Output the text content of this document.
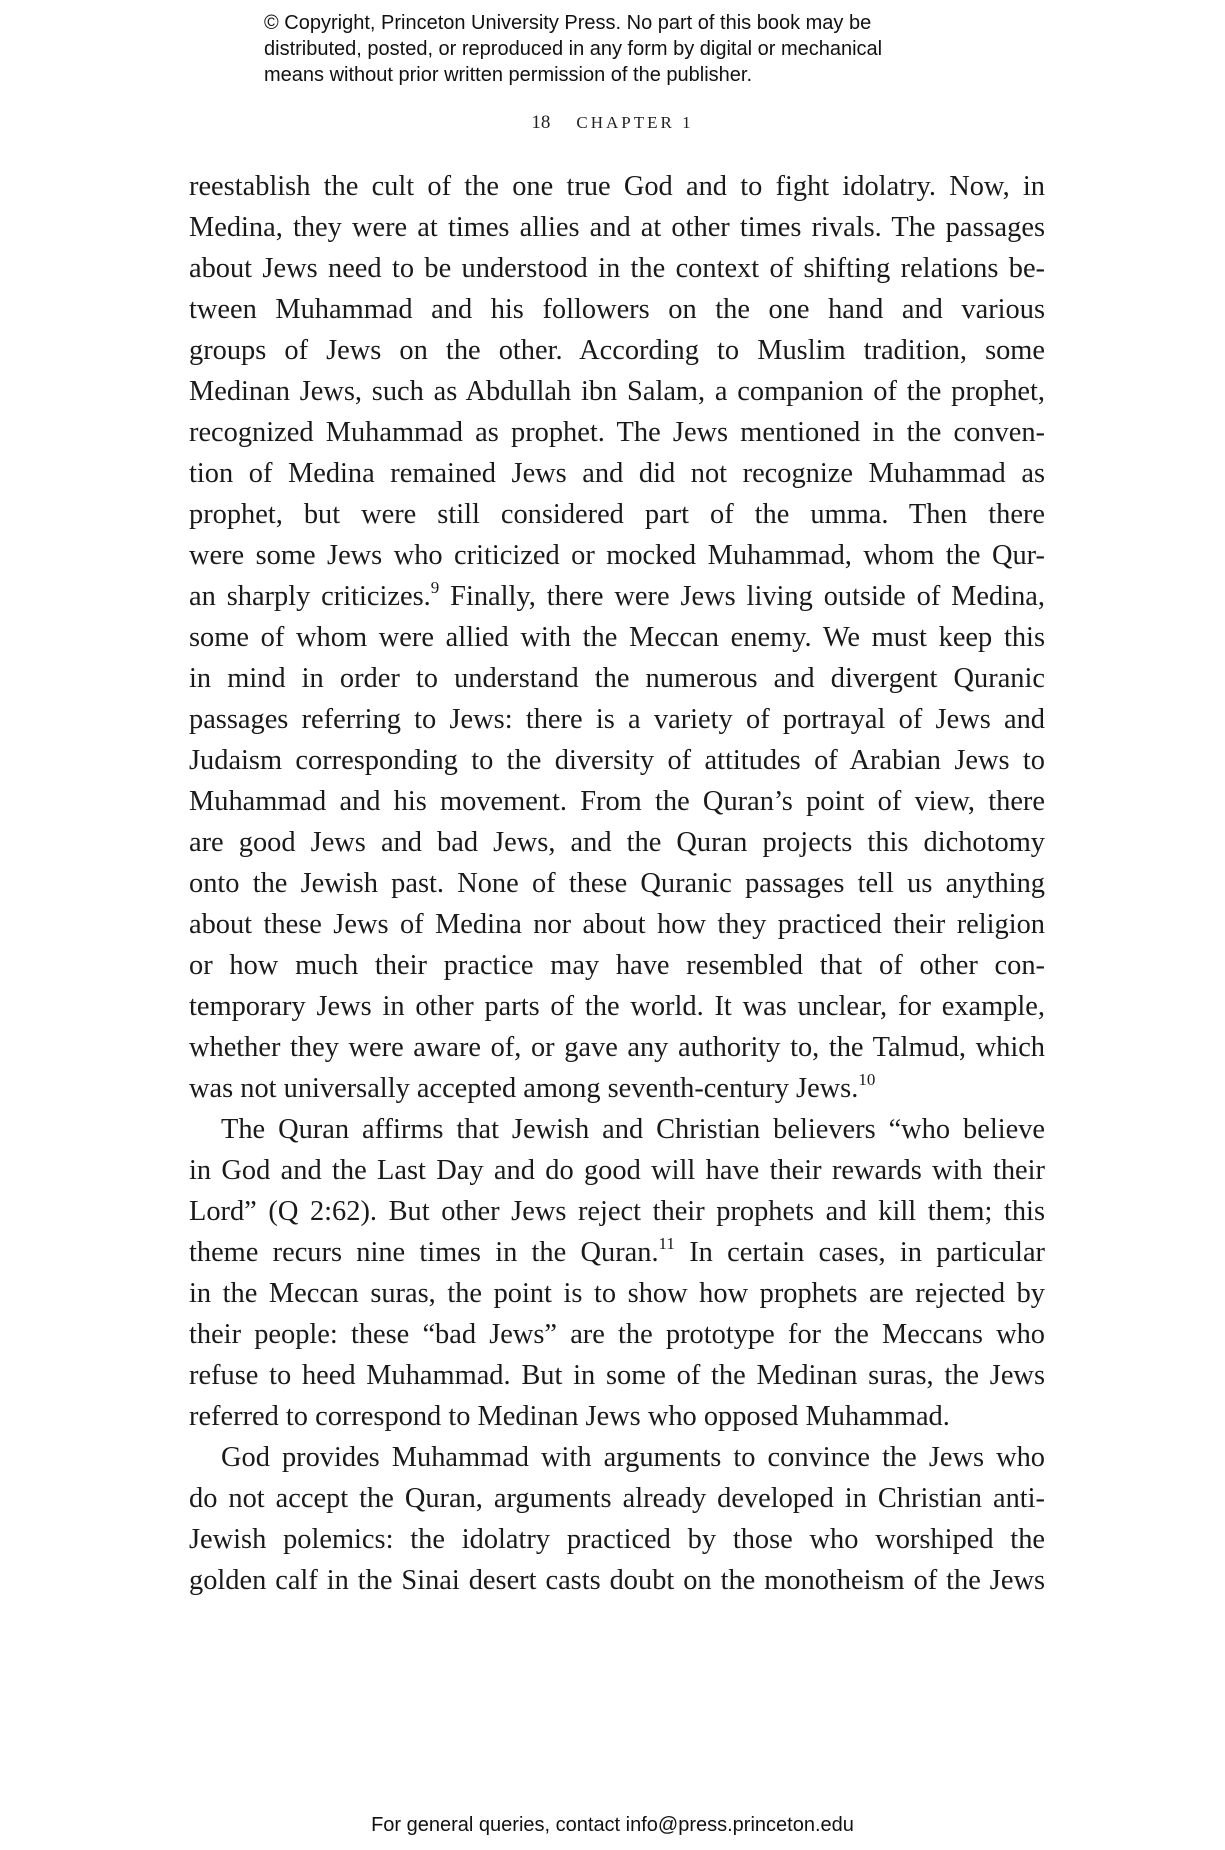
© Copyright, Princeton University Press. No part of this book may be
distributed, posted, or reproduced in any form by digital or mechanical
means without prior written permission of the publisher.
18 CHAPTER 1

reestablish the cult of the one true God and to fight idolatry. Now, in
Medina, they were at times allies and at other times rivals. The passages
about Jews need to be understood in the context of shifting relations be-
tween Muhammad and his followers on the one hand and various
groups of Jews on the other. According to Muslim tradition, some
Medinan Jews, such as Abdullah ibn Salam, a companion of the prophet,
recognized Muhammad as prophet. The Jews mentioned in the conven-
tion of Medina remained Jews and did not recognize Muhammad as
prophet, but were still considered part of the umma. Then there
were some Jews who criticized or mocked Muhammad, whom the Qur-
an sharply criticizes.$^9$ Finally, there were Jews living outside of Medina,
some of whom were allied with the Meccan enemy. We must keep this
in mind in order to understand the numerous and divergent Quranic
passages referring to Jews: there is a variety of portrayal of Jews and
Judaism corresponding to the diversity of attitudes of Arabian Jews to
Muhammad and his movement. From the Quran’s point of view, there
are good Jews and bad Jews, and the Quran projects this dichotomy
onto the Jewish past. None of these Quranic passages tell us anything
about these Jews of Medina nor about how they practiced their religion
or how much their practice may have resembled that of other con-
temporary Jews in other parts of the world. It was unclear, for example,
whether they were aware of, or gave any authority to, the Talmud, which
was not universally accepted among seventh-century Jews.$^{10}$

The Quran affirms that Jewish and Christian believers “who believe
in God and the Last Day and do good will have their rewards with their
Lord” (Q 2:62). But other Jews reject their prophets and kill them; this
theme recurs nine times in the Quran.$^{11}$ In certain cases, in particular
in the Meccan suras, the point is to show how prophets are rejected by
their people: these “bad Jews” are the prototype for the Meccans who
refuse to heed Muhammad. But in some of the Medinan suras, the Jews
referred to correspond to Medinan Jews who opposed Muhammad.

God provides Muhammad with arguments to convince the Jews who
do not accept the Quran, arguments already developed in Christian anti-
Jewish polemics: the idolatry practiced by those who worshiped the
golden calf in the Sinai desert casts doubt on the monotheism of the Jews

For general queries, contact info@press.princeton.edu
